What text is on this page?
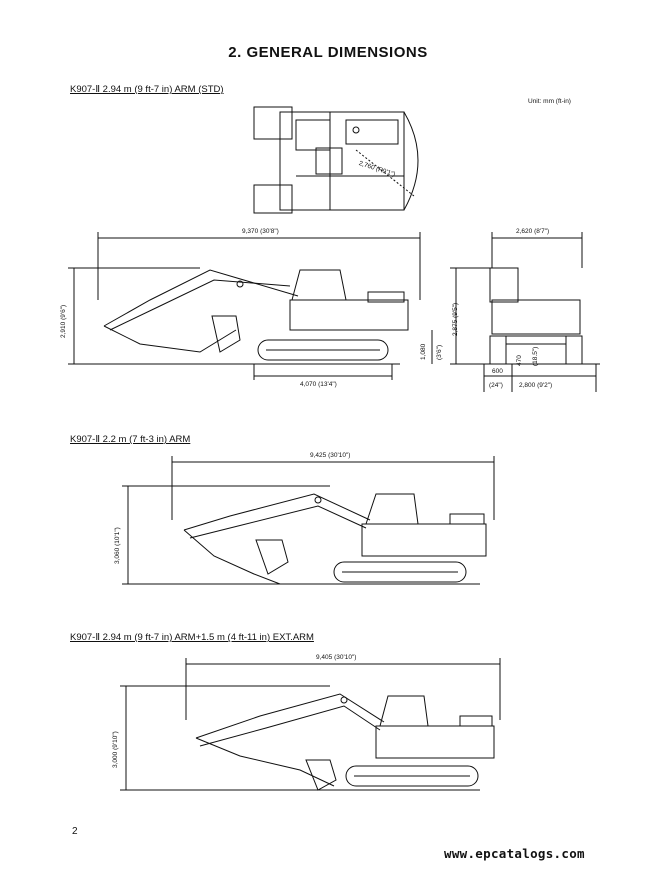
2. GENERAL DIMENSIONS
K907-Ⅱ 2.94 m (9 ft-7 in) ARM (STD)
Unit: mm (ft-in)
2,760 (R9'1")
9,370 (30'8")
2,910 (9'6")	2,875 (9'5")
1,080 (3'6")
4,070 (13'4")
2,620 (8'7")
470 (18.5")
600
(24") 2,800 (9'2")
K907-Ⅱ 2.2 m (7 ft-3 in) ARM
9,425 (30'10")
3,060 (10'1")
K907-Ⅱ 2.94 m (9 ft-7 in) ARM+1.5 m (4 ft-11 in) EXT.ARM
9,405 (30'10")
3,000 (9'10")
2
www.epcatalogs.com
